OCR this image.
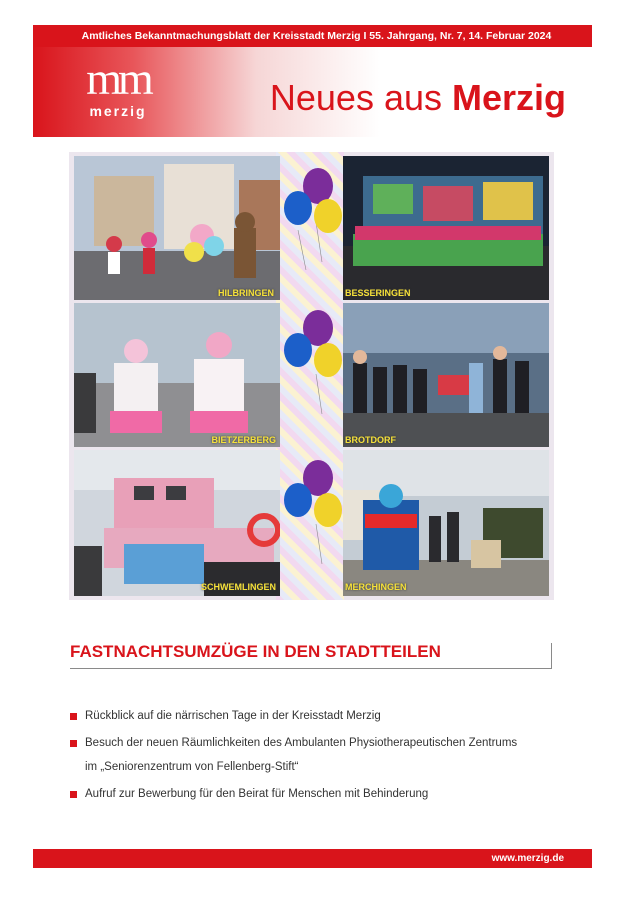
Amtliches Bekanntmachungsblatt der Kreisstadt Merzig I 55. Jahrgang, Nr. 7, 14. Februar 2024
mm
merzig	Neues aus Merzig
HILBRINGEN	BESSERINGEN
BIETZERBERG	BROTDORF
SCHWEMLINGEN	MERCHINGEN
FASTNACHTSUMZÜGE IN DEN STADTTEILEN
Rückblick auf die närrischen Tage in der Kreisstadt Merzig
Besuch der neuen Räumlichkeiten des Ambulanten Physiotherapeutischen Zentrums
im „Seniorenzentrum von Fellenberg-Stift“
Aufruf zur Bewerbung für den Beirat für Menschen mit Behinderung
www.merzig.de
